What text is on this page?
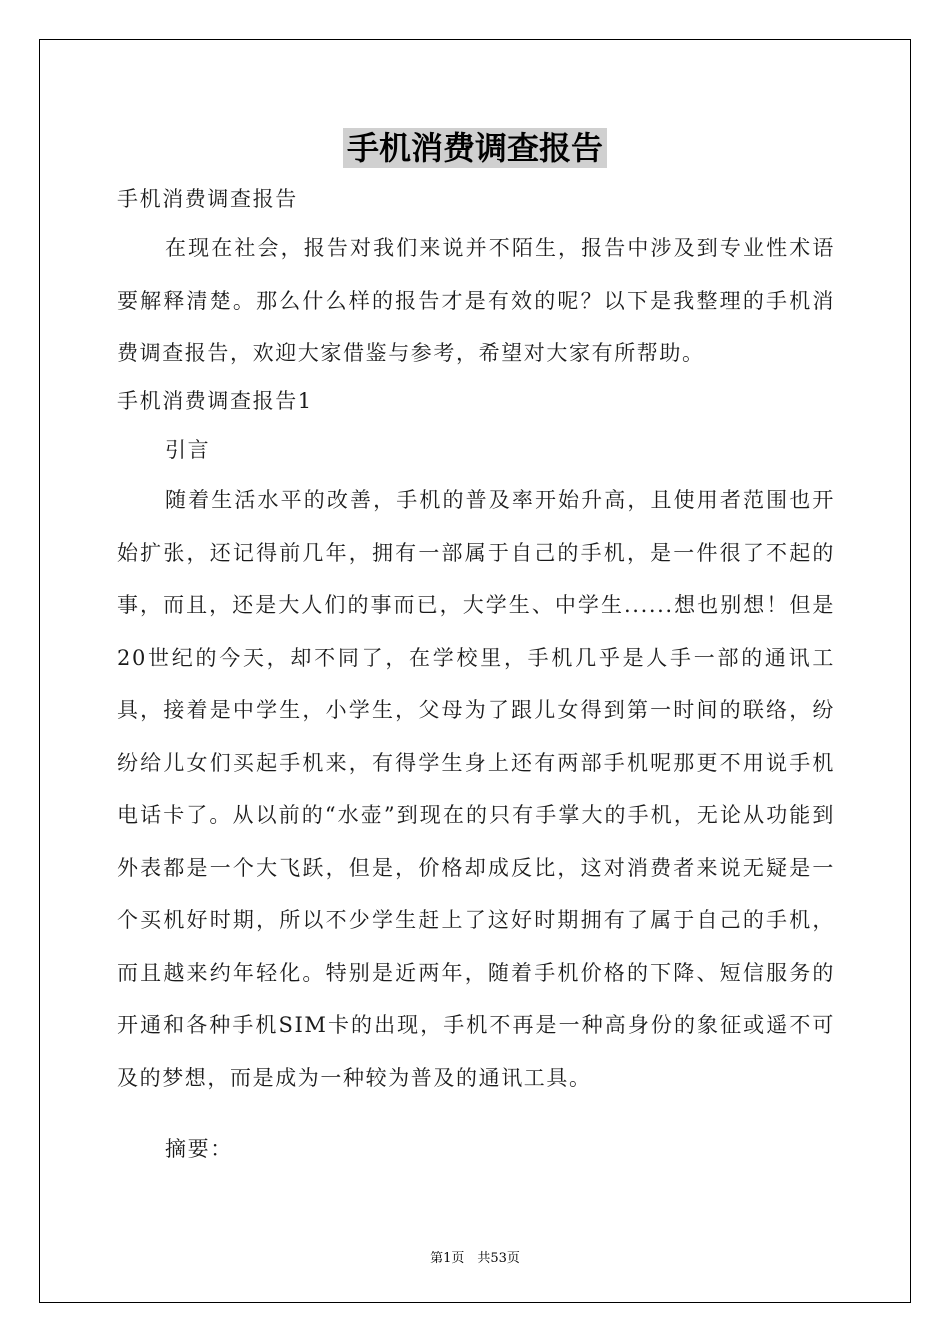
手机消费调查报告
手机消费调查报告
在现在社会，报告对我们来说并不陌生，报告中涉及到专业性术语要解释清楚。那么什么样的报告才是有效的呢？以下是我整理的手机消费调查报告，欢迎大家借鉴与参考，希望对大家有所帮助。
手机消费调查报告1
引言
随着生活水平的改善，手机的普及率开始升高，且使用者范围也开始扩张，还记得前几年，拥有一部属于自己的手机，是一件很了不起的事，而且，还是大人们的事而已，大学生、中学生......想也别想！但是20世纪的今天，却不同了，在学校里，手机几乎是人手一部的通讯工具，接着是中学生，小学生，父母为了跟儿女得到第一时间的联络，纷纷给儿女们买起手机来，有得学生身上还有两部手机呢那更不用说手机电话卡了。从以前的“水壶”到现在的只有手掌大的手机，无论从功能到外表都是一个大飞跃，但是，价格却成反比，这对消费者来说无疑是一个买机好时期，所以不少学生赶上了这好时期拥有了属于自己的手机，而且越来约年轻化。特别是近两年，随着手机价格的下降、短信服务的开通和各种手机SIM卡的出现，手机不再是一种高身份的象征或遥不可及的梦想，而是成为一种较为普及的通讯工具。
摘要：
第1页　共53页
